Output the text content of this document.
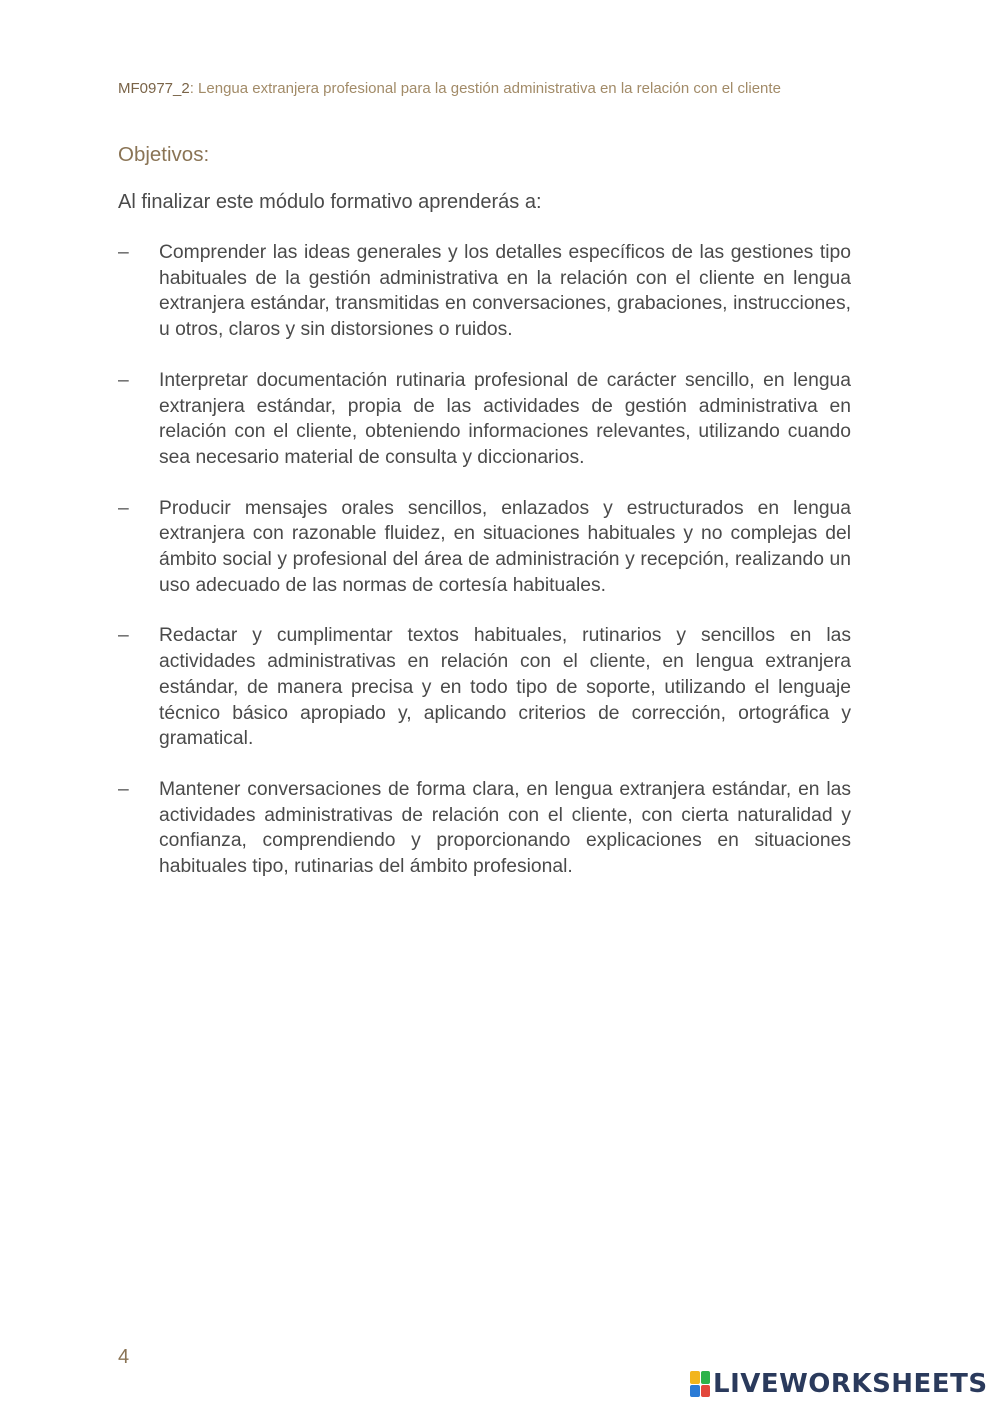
MF0977_2: Lengua extranjera profesional para la gestión administrativa en la relación con el cliente
Objetivos:
Al finalizar este módulo formativo aprenderás a:
– Comprender las ideas generales y los detalles específicos de las gestiones tipo habituales de la gestión administrativa en la relación con el cliente en lengua extranjera estándar, transmitidas en conversaciones, grabaciones, instrucciones, u otros, claros y sin distorsiones o ruidos.
– Interpretar documentación rutinaria profesional de carácter sencillo, en lengua extranjera estándar, propia de las actividades de gestión administrativa en relación con el cliente, obteniendo informaciones relevantes, utilizando cuando sea necesario material de consulta y diccionarios.
– Producir mensajes orales sencillos, enlazados y estructurados en lengua extranjera con razonable fluidez, en situaciones habituales y no complejas del ámbito social y profesional del área de administración y recepción, realizando un uso adecuado de las normas de cortesía habituales.
– Redactar y cumplimentar textos habituales, rutinarios y sencillos en las actividades administrativas en relación con el cliente, en lengua extranjera estándar, de manera precisa y en todo tipo de soporte, utilizando el lenguaje técnico básico apropiado y, aplicando criterios de corrección, ortográfica y gramatical.
– Mantener conversaciones de forma clara, en lengua extranjera estándar, en las actividades administrativas de relación con el cliente, con cierta naturalidad y confianza, comprendiendo y proporcionando explicaciones en situaciones habituales tipo, rutinarias del ámbito profesional.
4
LIVEWORKSHEETS
